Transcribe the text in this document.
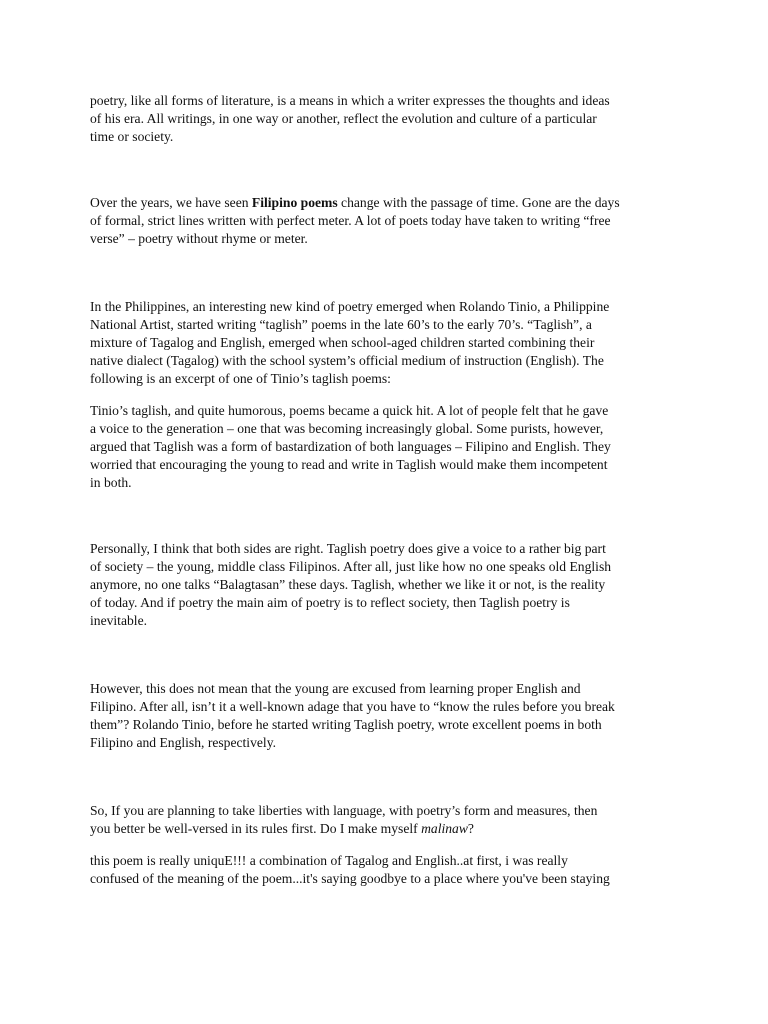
poetry, like all forms of literature, is a means in which a writer expresses the thoughts and ideas
of his era. All writings, in one way or another, reflect the evolution and culture of a particular
time or society.

Over the years, we have seen Filipino poems change with the passage of time. Gone are the days
of formal, strict lines written with perfect meter. A lot of poets today have taken to writing “free
verse” – poetry without rhyme or meter.

In the Philippines, an interesting new kind of poetry emerged when Rolando Tinio, a Philippine
National Artist, started writing “taglish” poems in the late 60’s to the early 70’s. “Taglish”, a
mixture of Tagalog and English, emerged when school-aged children started combining their
native dialect (Tagalog) with the school system’s official medium of instruction (English). The
following is an excerpt of one of Tinio’s taglish poems:

Tinio’s taglish, and quite humorous, poems became a quick hit. A lot of people felt that he gave
a voice to the generation – one that was becoming increasingly global. Some purists, however,
argued that Taglish was a form of bastardization of both languages – Filipino and English. They
worried that encouraging the young to read and write in Taglish would make them incompetent
in both.

Personally, I think that both sides are right. Taglish poetry does give a voice to a rather big part
of society – the young, middle class Filipinos. After all, just like how no one speaks old English
anymore, no one talks “Balagtasan” these days. Taglish, whether we like it or not, is the reality
of today. And if poetry the main aim of poetry is to reflect society, then Taglish poetry is
inevitable.

However, this does not mean that the young are excused from learning proper English and
Filipino. After all, isn’t it a well-known adage that you have to “know the rules before you break
them”? Rolando Tinio, before he started writing Taglish poetry, wrote excellent poems in both
Filipino and English, respectively.

So, If you are planning to take liberties with language, with poetry’s form and measures, then
you better be well-versed in its rules first. Do I make myself malinaw?

this poem is really uniquE!!! a combination of Tagalog and English..at first, i was really
confused of the meaning of the poem...it's saying goodbye to a place where you've been staying
